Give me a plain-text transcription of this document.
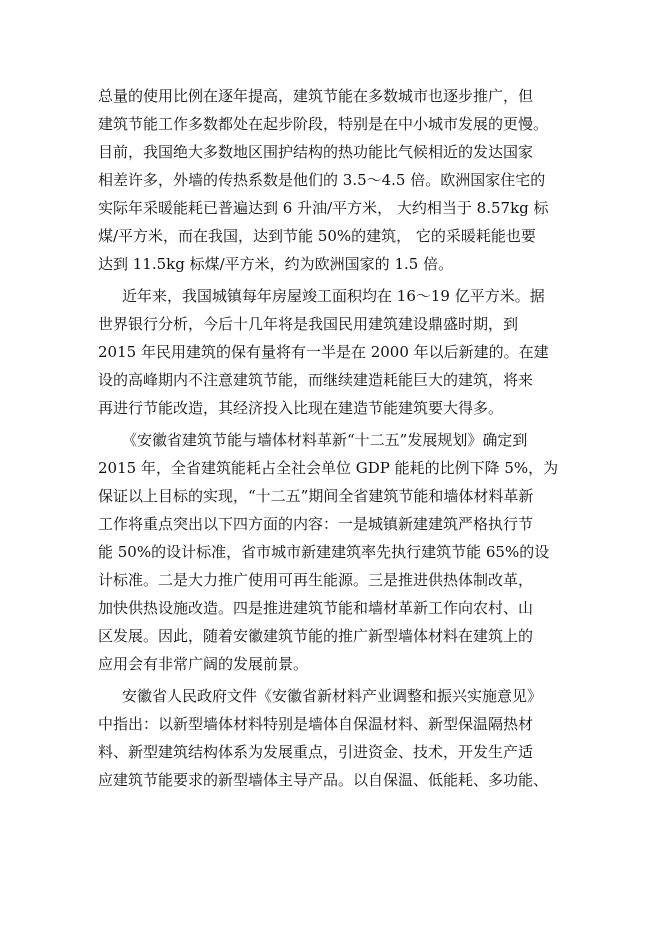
总量的使用比例在逐年提高，建筑节能在多数城市也逐步推广，但
建筑节能工作多数都处在起步阶段，特别是在中小城市发展的更慢。
目前，我国绝大多数地区围护结构的热功能比气候相近的发达国家
相差许多，外墙的传热系数是他们的 3.5～4.5 倍。欧洲国家住宅的
实际年采暖能耗已普遍达到 6 升油/平方米， 大约相当于 8.57kg 标
煤/平方米，而在我国，达到节能 50%的建筑， 它的采暖耗能也要
达到 11.5kg 标煤/平方米，约为欧洲国家的 1.5 倍。
近年来，我国城镇每年房屋竣工面积均在 16～19 亿平方米。据
世界银行分析，今后十几年将是我国民用建筑建设鼎盛时期，到
2015 年民用建筑的保有量将有一半是在 2000 年以后新建的。在建
设的高峰期内不注意建筑节能，而继续建造耗能巨大的建筑，将来
再进行节能改造，其经济投入比现在建造节能建筑要大得多。
《安徽省建筑节能与墙体材料革新“十二五”发展规划》确定到
2015 年，全省建筑能耗占全社会单位 GDP 能耗的比例下降 5%，为
保证以上目标的实现，“十二五”期间全省建筑节能和墙体材料革新
工作将重点突出以下四方面的内容：一是城镇新建建筑严格执行节
能 50%的设计标准，省市城市新建建筑率先执行建筑节能 65%的设
计标准。二是大力推广使用可再生能源。三是推进供热体制改革，
加快供热设施改造。四是推进建筑节能和墙材革新工作向农村、山
区发展。因此，随着安徽建筑节能的推广新型墙体材料在建筑上的
应用会有非常广阔的发展前景。
安徽省人民政府文件《安徽省新材料产业调整和振兴实施意见》
中指出：以新型墙体材料特别是墙体自保温材料、新型保温隔热材
料、新型建筑结构体系为发展重点，引进资金、技术，开发生产适
应建筑节能要求的新型墙体主导产品。以自保温、低能耗、多功能、
